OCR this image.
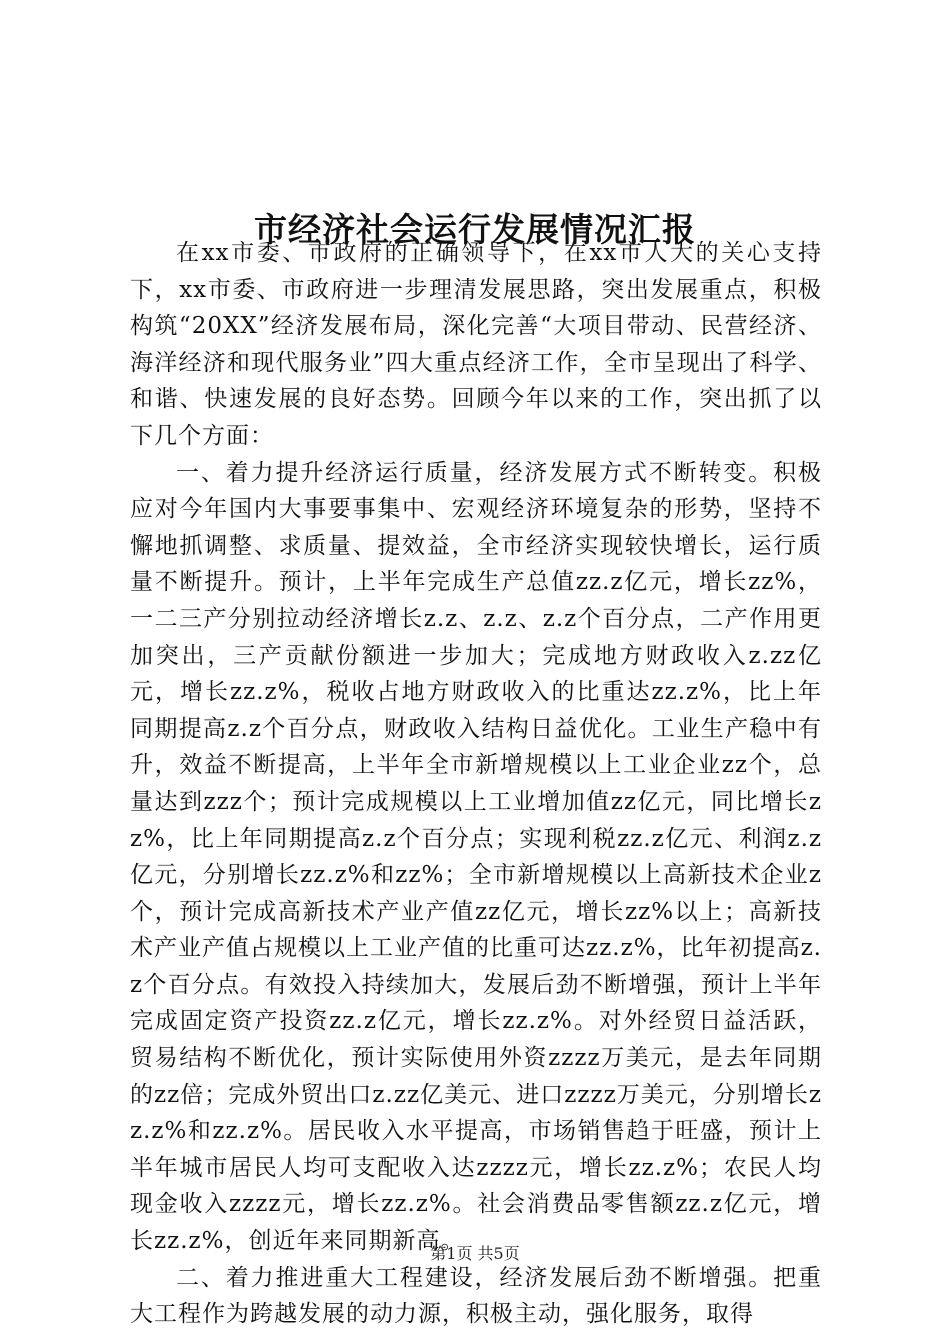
市经济社会运行发展情况汇报

在xx市委、市政府的正确领导下，在xx市人大的关心支持下，xx市委、市政府进一步理清发展思路，突出发展重点，积极构筑“20XX”经济发展布局，深化完善“大项目带动、民营经济、海洋经济和现代服务业”四大重点经济工作，全市呈现出了科学、和谐、快速发展的良好态势。回顾今年以来的工作，突出抓了以下几个方面：

一、着力提升经济运行质量，经济发展方式不断转变。积极应对今年国内大事要事集中、宏观经济环境复杂的形势，坚持不懈地抓调整、求质量、提效益，全市经济实现较快增长，运行质量不断提升。预计，上半年完成生产总值zz.z亿元，增长zz%，一二三产分别拉动经济增长z.z、z.z、z.z个百分点，二产作用更加突出，三产贡献份额进一步加大；完成地方财政收入z.zz亿元，增长zz.z%，税收占地方财政收入的比重达zz.z%，比上年同期提高z.z个百分点，财政收入结构日益优化。工业生产稳中有升，效益不断提高，上半年全市新增规模以上工业企业zz个，总量达到zzz个；预计完成规模以上工业增加值zz亿元，同比增长zz%，比上年同期提高z.z个百分点；实现利税zz.z亿元、利润z.z亿元，分别增长zz.z%和zz%；全市新增规模以上高新技术企业z个，预计完成高新技术产业产值zz亿元，增长zz%以上；高新技术产业产值占规模以上工业产值的比重可达zz.z%，比年初提高z.z个百分点。有效投入持续加大，发展后劲不断增强，预计上半年完成固定资产投资zz.z亿元，增长zz.z%。对外经贸日益活跃，贸易结构不断优化，预计实际使用外资zzzz万美元，是去年同期的zz倍；完成外贸出口z.zz亿美元、进口zzzz万美元，分别增长zz.z%和zz.z%。居民收入水平提高，市场销售趋于旺盛，预计上半年城市居民人均可支配收入达zzzz元，增长zz.z%；农民人均现金收入zzzz元，增长zz.z%。社会消费品零售额zz.z亿元，增长zz.z%，创近年来同期新高。

二、着力推进重大工程建设，经济发展后劲不断增强。把重大工程作为跨越发展的动力源，积极主动，强化服务，取得

第1页 共5页
